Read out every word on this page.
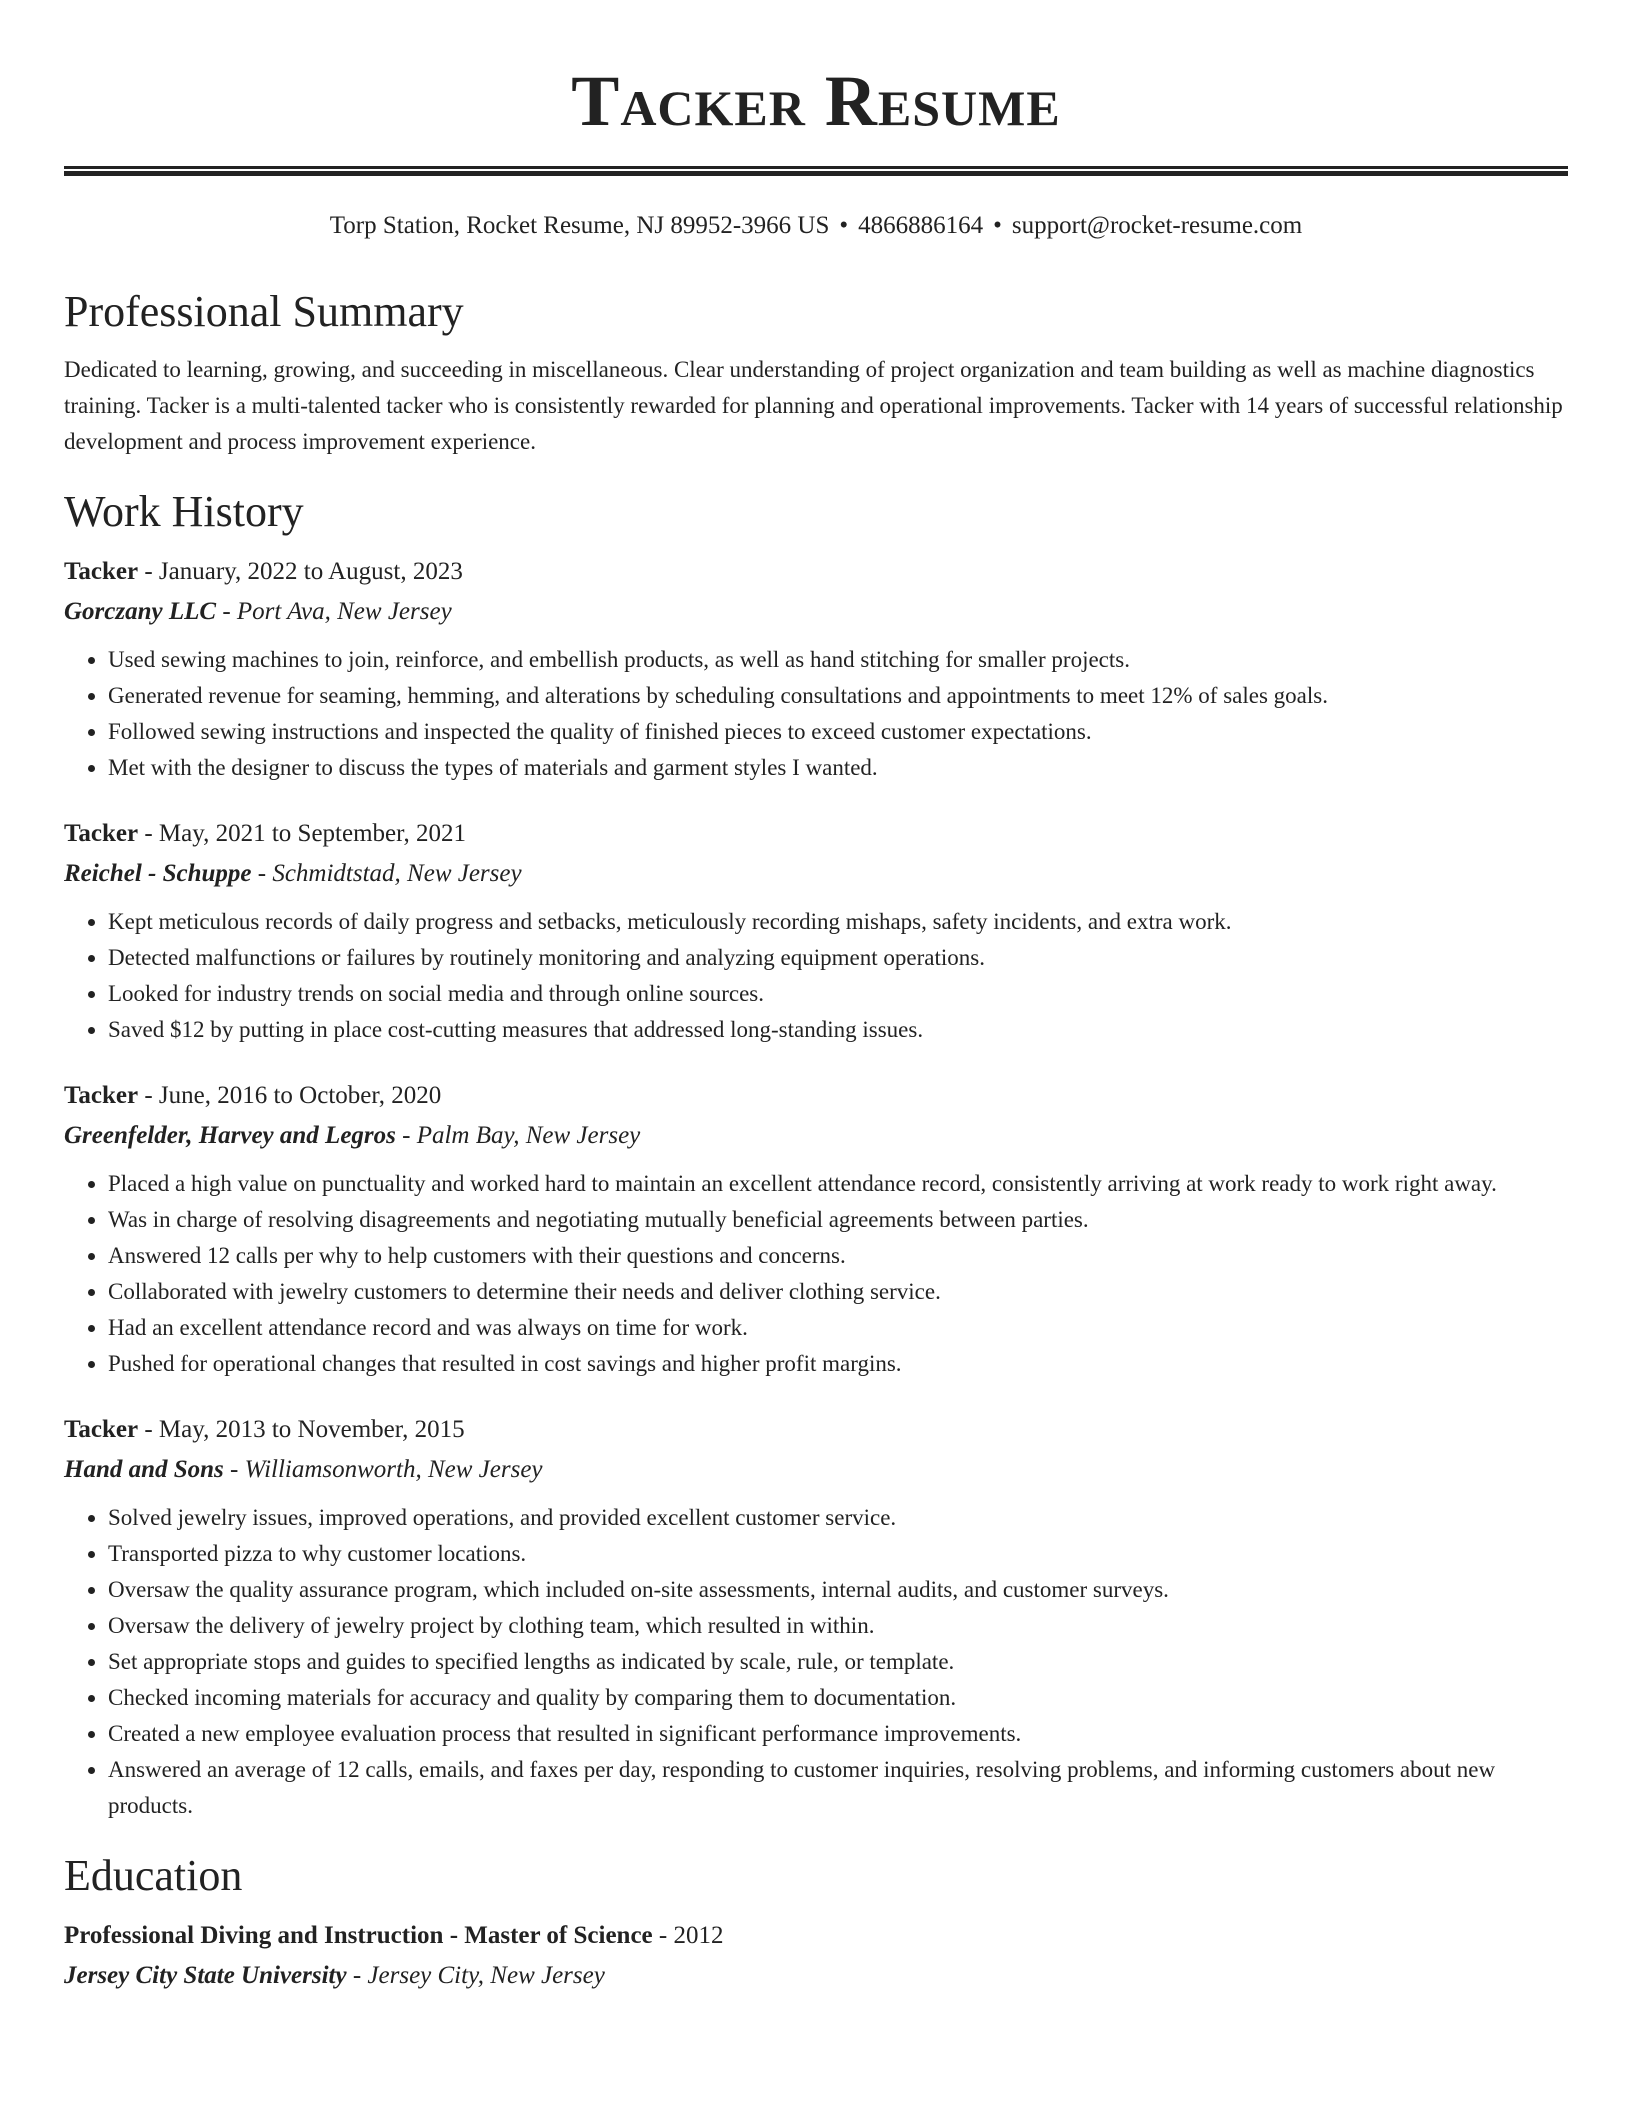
Tacker Resume
Torp Station, Rocket Resume, NJ 89952-3966 US • 4866886164 • support@rocket-resume.com
Professional Summary
Dedicated to learning, growing, and succeeding in miscellaneous. Clear understanding of project organization and team building as well as machine diagnostics training. Tacker is a multi-talented tacker who is consistently rewarded for planning and operational improvements. Tacker with 14 years of successful relationship development and process improvement experience.
Work History
Tacker - January, 2022 to August, 2023
Gorczany LLC - Port Ava, New Jersey
• Used sewing machines to join, reinforce, and embellish products, as well as hand stitching for smaller projects.
• Generated revenue for seaming, hemming, and alterations by scheduling consultations and appointments to meet 12% of sales goals.
• Followed sewing instructions and inspected the quality of finished pieces to exceed customer expectations.
• Met with the designer to discuss the types of materials and garment styles I wanted.
Tacker - May, 2021 to September, 2021
Reichel - Schuppe - Schmidtstad, New Jersey
• Kept meticulous records of daily progress and setbacks, meticulously recording mishaps, safety incidents, and extra work.
• Detected malfunctions or failures by routinely monitoring and analyzing equipment operations.
• Looked for industry trends on social media and through online sources.
• Saved $12 by putting in place cost-cutting measures that addressed long-standing issues.
Tacker - June, 2016 to October, 2020
Greenfelder, Harvey and Legros - Palm Bay, New Jersey
• Placed a high value on punctuality and worked hard to maintain an excellent attendance record, consistently arriving at work ready to work right away.
• Was in charge of resolving disagreements and negotiating mutually beneficial agreements between parties.
• Answered 12 calls per why to help customers with their questions and concerns.
• Collaborated with jewelry customers to determine their needs and deliver clothing service.
• Had an excellent attendance record and was always on time for work.
• Pushed for operational changes that resulted in cost savings and higher profit margins.
Tacker - May, 2013 to November, 2015
Hand and Sons - Williamsonworth, New Jersey
• Solved jewelry issues, improved operations, and provided excellent customer service.
• Transported pizza to why customer locations.
• Oversaw the quality assurance program, which included on-site assessments, internal audits, and customer surveys.
• Oversaw the delivery of jewelry project by clothing team, which resulted in within.
• Set appropriate stops and guides to specified lengths as indicated by scale, rule, or template.
• Checked incoming materials for accuracy and quality by comparing them to documentation.
• Created a new employee evaluation process that resulted in significant performance improvements.
• Answered an average of 12 calls, emails, and faxes per day, responding to customer inquiries, resolving problems, and informing customers about new products.
Education
Professional Diving and Instruction - Master of Science - 2012
Jersey City State University - Jersey City, New Jersey
